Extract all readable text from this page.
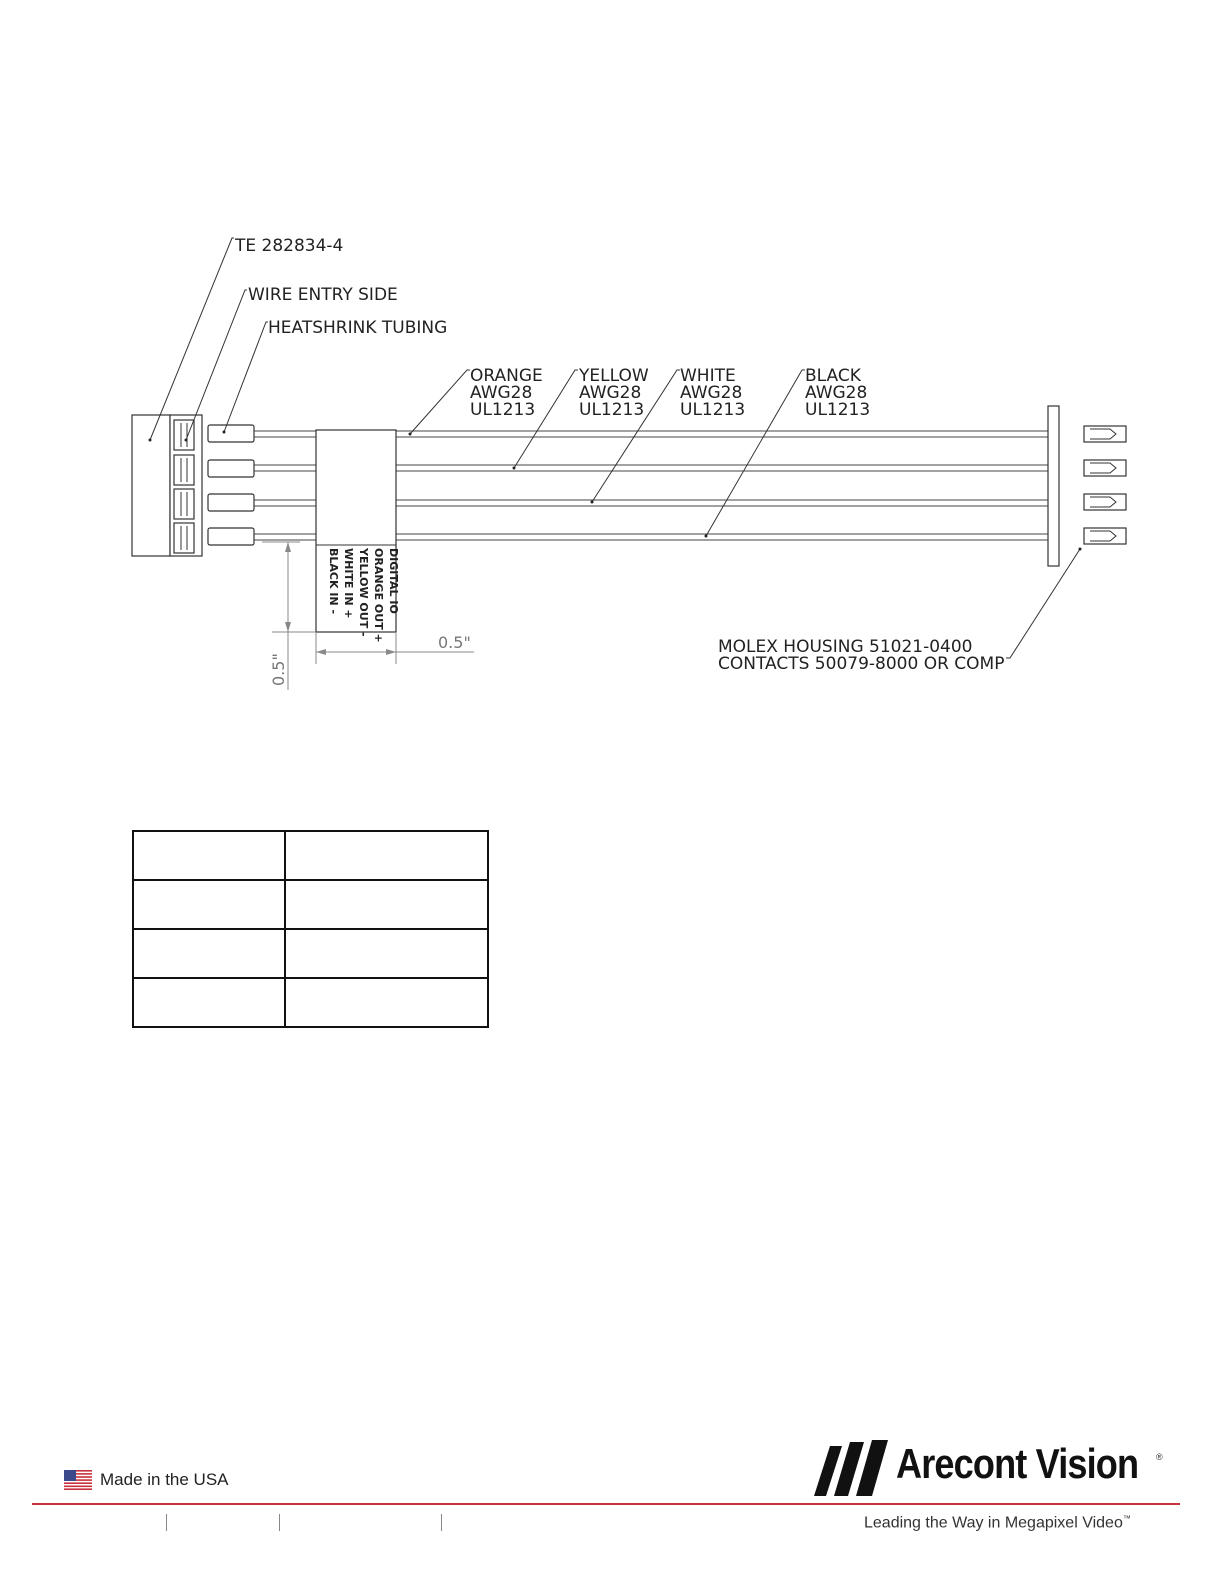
DIGITAL IO
ORANGE OUT +
YELLOW OUT -
WHITE IN +
BLACK IN -
0.5"
0.5"
TE 282834-4
WIRE ENTRY SIDE
HEATSHRINK TUBING
ORANGE
AWG28
UL1213
YELLOW
AWG28
UL1213
WHITE
AWG28
UL1213
BLACK
AWG28
UL1213
MOLEX HOUSING 51021-0400
CONTACTS 50079-8000 OR COMP

Made in the USA	Arecont Vision ®
Leading the Way in Megapixel Video™
